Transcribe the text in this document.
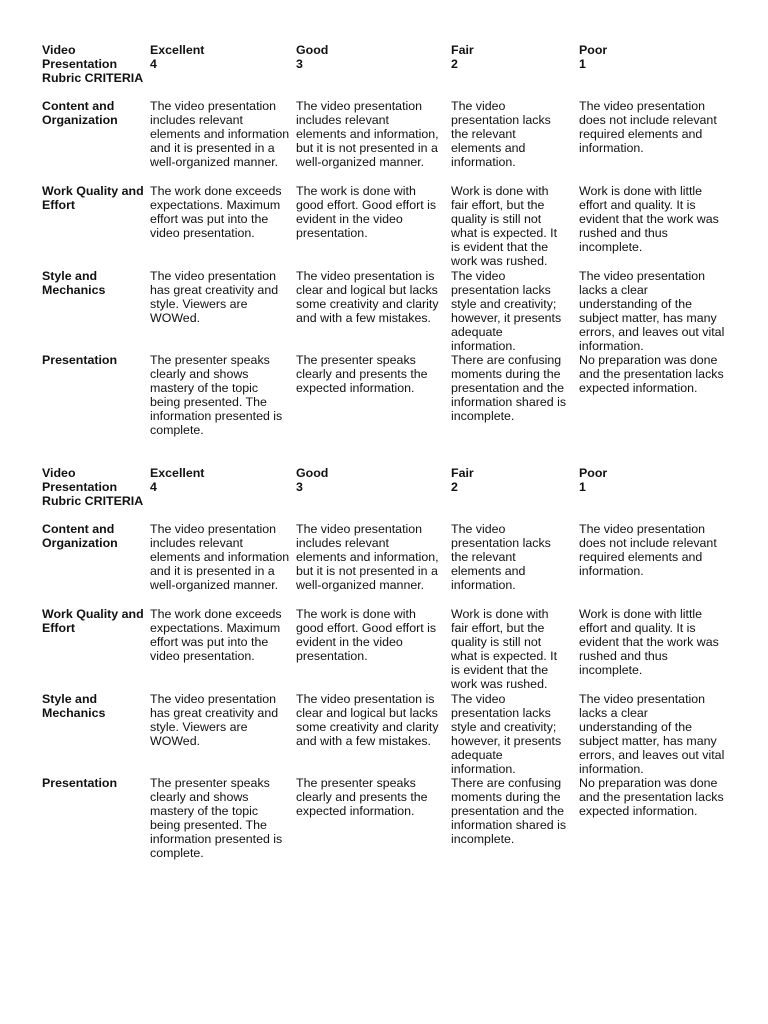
Video Presentation Rubric CRITERIA
Excellent
4
Good
3
Fair
2
Poor
1
Content and Organization
The video presentation includes relevant elements and information and it is presented in a well-organized manner.
The video presentation includes relevant elements and information, but it is not presented in a well-organized manner.
The video presentation lacks the relevant elements and information.
The video presentation does not include relevant required elements and information.
Work Quality and Effort
The work done exceeds expectations. Maximum effort was put into the video presentation.
The work is done with good effort. Good effort is evident in the video presentation.
Work is done with fair effort, but the quality is still not what is expected. It is evident that the work was rushed.
Work is done with little effort and quality. It is evident that the work was rushed and thus incomplete.
Style and Mechanics
The video presentation has great creativity and style. Viewers are WOWed.
The video presentation is clear and logical but lacks some creativity and clarity and with a few mistakes.
The video presentation lacks style and creativity; however, it presents adequate information.
The video presentation lacks a clear understanding of the subject matter, has many errors, and leaves out vital information.
Presentation	The presenter speaks clearly and shows mastery of the topic being presented. The information presented is complete.
The presenter speaks clearly and presents the expected information.
There are confusing moments during the presentation and the information shared is incomplete.
No preparation was done and the presentation lacks expected information.
Video Presentation Rubric CRITERIA
Excellent
4
Good
3
Fair
2
Poor
1
Content and Organization
The video presentation includes relevant elements and information and it is presented in a well-organized manner.
The video presentation includes relevant elements and information, but it is not presented in a well-organized manner.
The video presentation lacks the relevant elements and information.
The video presentation does not include relevant required elements and information.
Work Quality and Effort
The work done exceeds expectations. Maximum effort was put into the video presentation.
The work is done with good effort. Good effort is evident in the video presentation.
Work is done with fair effort, but the quality is still not what is expected. It is evident that the work was rushed.
Work is done with little effort and quality. It is evident that the work was rushed and thus incomplete.
Style and Mechanics
The video presentation has great creativity and style. Viewers are WOWed.
The video presentation is clear and logical but lacks some creativity and clarity and with a few mistakes.
The video presentation lacks style and creativity; however, it presents adequate information.
The video presentation lacks a clear understanding of the subject matter, has many errors, and leaves out vital information.
Presentation	The presenter speaks clearly and shows mastery of the topic being presented. The information presented is complete.
The presenter speaks clearly and presents the expected information.
There are confusing moments during the presentation and the information shared is incomplete.
No preparation was done and the presentation lacks expected information.
